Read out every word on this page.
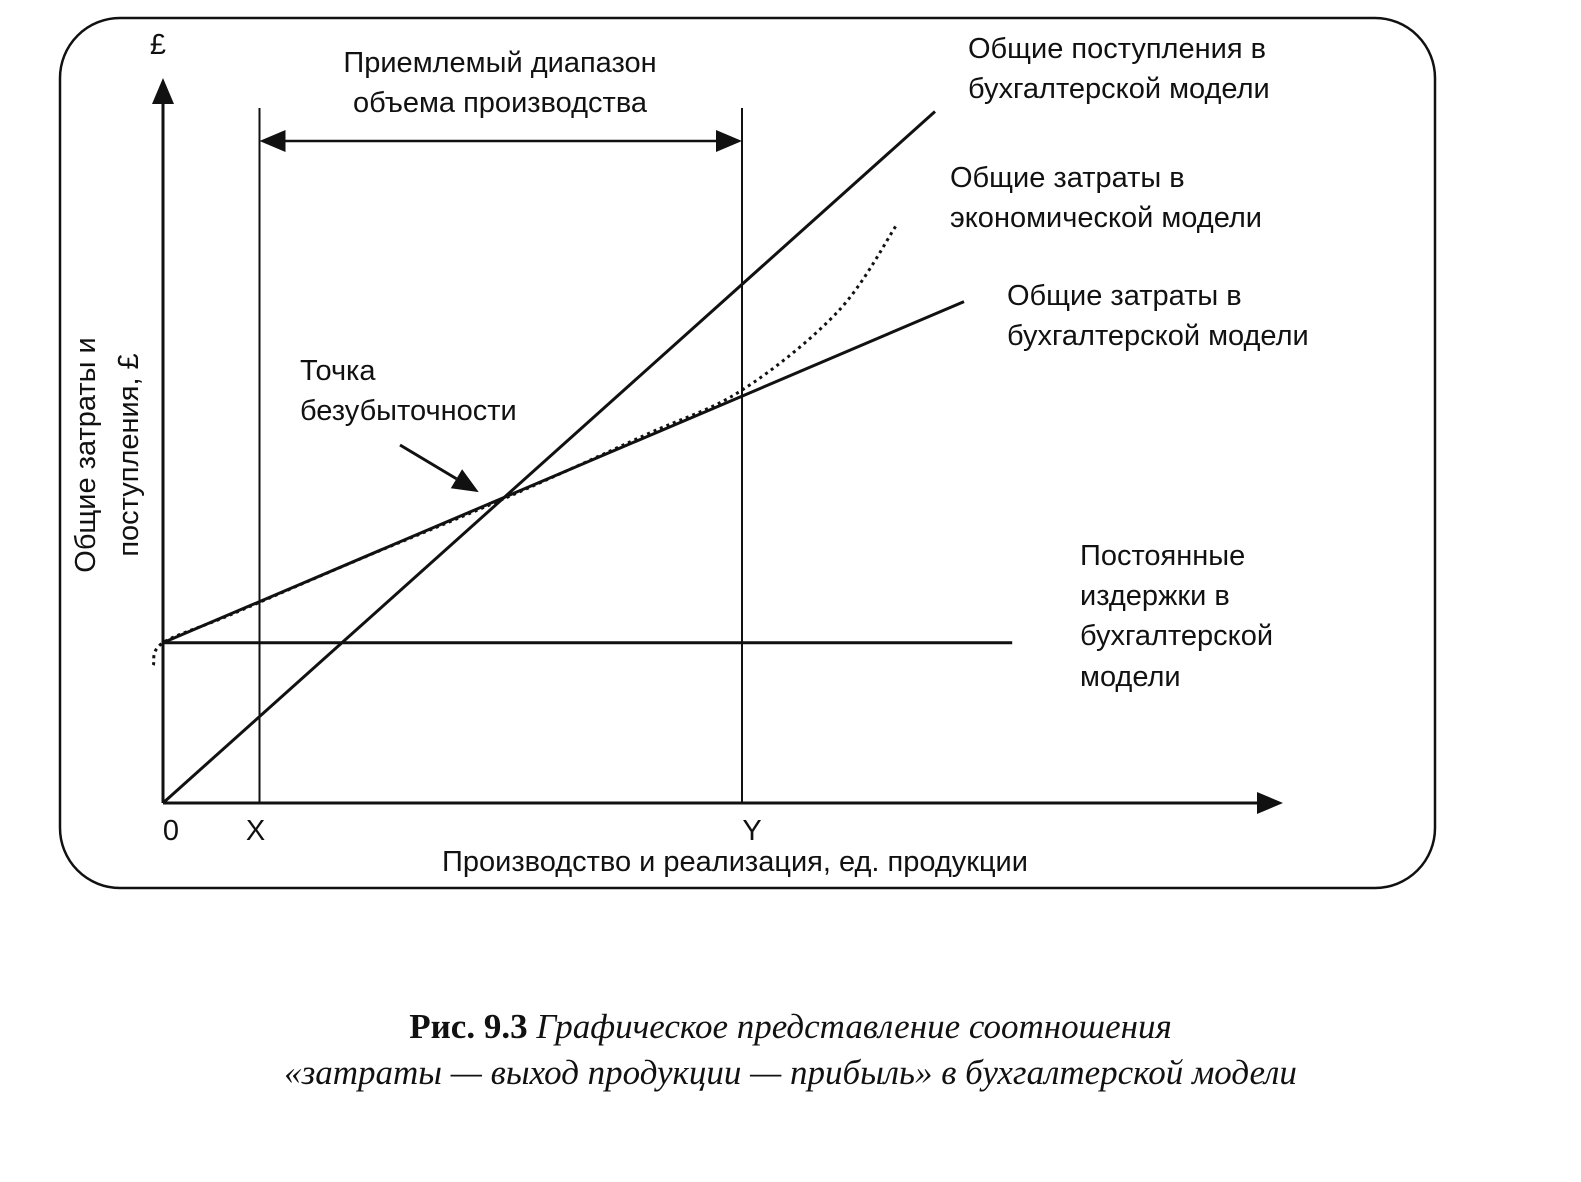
£
Общие затраты и поступления, £
0 X	Y
Производство и реализация, ед. продукции
Приемлемый диапазон
объема производства
Точка
безубыточности
Общие поступления в
бухгалтерской модели
Общие затраты в
экономической модели
Общие затраты в
бухгалтерской модели
Постоянные
издержки в
бухгалтерской
модели
Рис. 9.3 Графическое представление соотношения
«затраты — выход продукции — прибыль» в бухгалтерской модели
